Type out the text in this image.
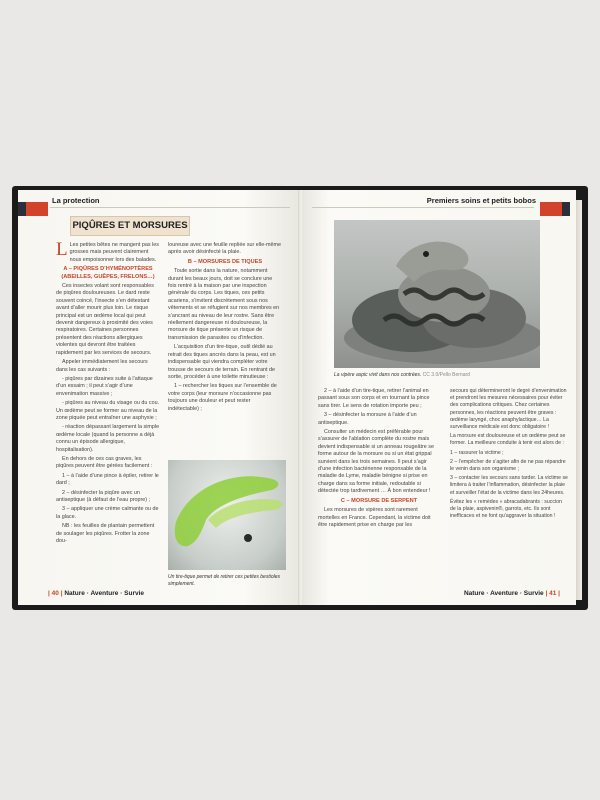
La protection
PIQÛRES ET MORSURES

L Les petites bêtes ne mangent pas les grosses mais peuvent clairement nous empoisonner lors des balades.

A – PIQÛRES D’HYMÉNOPTÈRES (ABEILLES, GUÊPES, FRELONS…)

Ces insectes volant sont responsables de piqûres douloureuses. Le dard reste souvent coincé, l’insecte s’en détestant avant d’aller mourir plus loin. Le risque principal est un œdème local qui peut devenir dangereux à proximité des voies respiratoires. Certaines personnes présentent des réactions allergiques violentes qui devront être traitées rapidement par les services de secours.

Appeler immédiatement les secours dans les cas suivants :

- piqûres par dizaines suite à l’attaque d’un essaim ; il peut s’agir d’une envenimation massive ;

- piqûres au niveau du visage ou du cou. Un œdème peut se former au niveau de la zone piquée peut entraîner une asphyxie ;

- réaction dépassant largement la simple œdème locale (quand la personne a déjà connu un épisode allergique, hospitalisation).

En dehors de ces cas graves, les piqûres peuvent être gérées facilement :

1 – à l’aide d’une pince à épiler, retirer le dard ;

2 – désinfecter la piqûre avec un antiseptique (à défaut de l’eau propre) ;

3 – appliquer une crème calmante ou de la glace.

NB : les feuilles de plantain permettent de soulager les piqûres. Frotter la zone dou-

loureuse avec une feuille repliée sur elle-même après avoir désinfecté la plaie.

B – MORSURES DE TIQUES

Toute sortie dans la nature, notamment durant les beaux jours, doit se conclure une fois rentré à la maison par une inspection générale du corps. Les tiques, ces petits acariens, s’invitent discrètement sous nos vêtements et se réfugient sur nos membres en s’ancrant au niveau de leur rostre. Sans être réellement dangereuse ni douloureuse, la morsure de tique présente un risque de transmission de parasites ou d’infection.

L’acquisition d’un tire-tique, outil dédié au retrait des tiques ancrés dans la peau, est un indispensable qui viendra compléter votre trousse de secours de terrain. En rentrant de sortie, procéder à une toilette minutieuse :

1 – rechercher les tiques sur l’ensemble de votre corps (leur morsure n’occasionne pas toujours une douleur et peut rester indétectable) ;

Un tire-tique permet de retirer ces petites bestioles simplement.
| 40 | Nature · Aventure · Survie
Premiers soins et petits bobos
La vipère aspic vivit dans nos contrées. CC 3.0/Pello Bernard

2 – à l’aide d’un tire-tique, retirer l’animal en passant sous son corps et en tournant la pince sans tirer. Le sens de rotation importe peu ;

3 – désinfecter la morsure à l’aide d’un antiseptique.

Consulter un médecin est préférable pour s’assurer de l’ablation complète du rostre mais devient indispensable si un anneau rougeâtre se forme autour de la morsure ou si un état grippal survient dans les trois semaines. Il peut s’agir d’une infection bactérienne responsable de la maladie de Lyme, maladie bénigne si prise en charge dans sa forme initiale, redoutable si détectée trop tardivement … À bon entendeur !

C – MORSURE DE SERPENT

Les morsures de vipères sont rarement mortelles en France. Cependant, la victime doit être rapidement prise en charge par les

secours qui détermineront le degré d’envenimation et prendront les mesures nécessaires pour éviter des complications critiques. Chez certaines personnes, les réactions peuvent être graves : œdème laryngé, choc anaphylactique… La surveillance médicale est donc obligatoire !

La morsure est douloureuse et un œdème peut se former. La meilleure conduite à tenir est alors de :

1 – rassurer la victime ;

2 – l’empêcher de s’agiter afin de ne pas répandre le venin dans son organisme ;

3 – contacter les secours sans tarder. La victime se limitera à traiter l’inflammation, désinfecter la plaie et surveiller l’état de la victime dans les 24heures.

Évitez les « remèdes » abracadabrants : succion de la plaie, aspivenin®, garrots, etc. Ils sont inefficaces et ne font qu’aggraver la situation !

Nature · Aventure · Survie | 41 |
